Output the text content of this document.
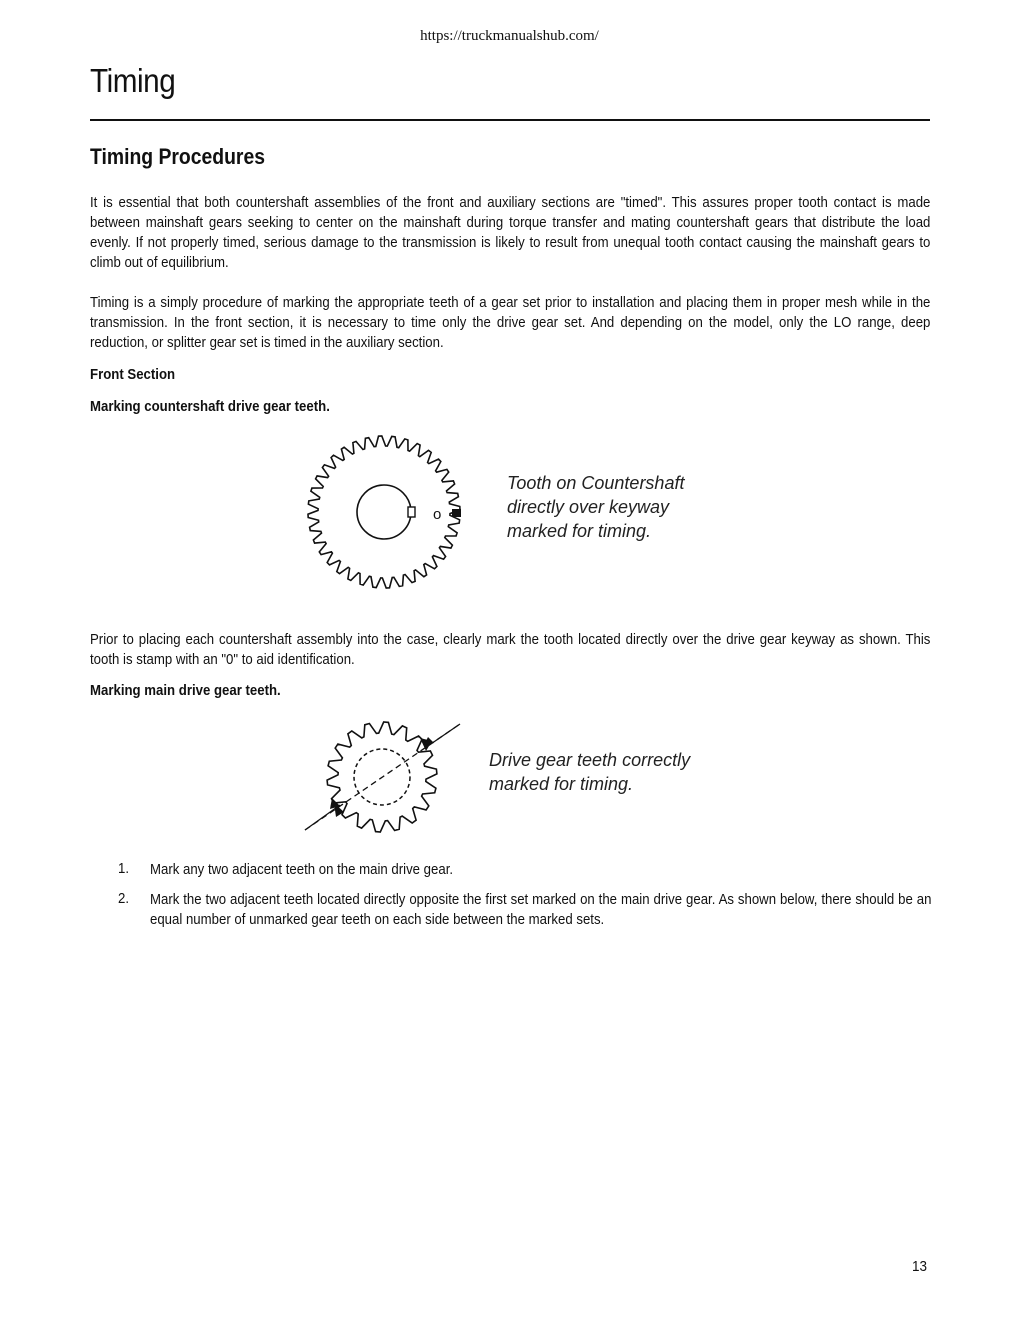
https://truckmanualshub.com/
Timing
Timing Procedures

It is essential that both countershaft assemblies of the front and auxiliary sections are "timed". This assures proper tooth contact is made between mainshaft gears seeking to center on the mainshaft during torque transfer and mating countershaft gears that distribute the load evenly. If not properly timed, serious damage to the transmission is likely to result from unequal tooth contact causing the mainshaft gears to climb out of equilibrium.

Timing is a simply procedure of marking the appropriate teeth of a gear set prior to installation and placing them in proper mesh while in the transmission. In the front section, it is necessary to time only the drive gear set. And depending on the model, only the LO range, deep reduction, or splitter gear set is timed in the auxiliary section.

Front Section
Marking countershaft drive gear teeth.
o
Tooth on Countershaft
directly over keyway
marked for timing.

Prior to placing each countershaft assembly into the case, clearly mark the tooth located directly over the drive gear keyway as shown. This tooth is stamp with an "0" to aid identification.

Marking main drive gear teeth.
Drive gear teeth correctly
marked for timing.
1. Mark any two adjacent teeth on the main drive gear.

2. Mark the two adjacent teeth located directly opposite the first set marked on the main drive gear. As shown below, there should be an equal number of unmarked gear teeth on each side between the marked sets.

13
